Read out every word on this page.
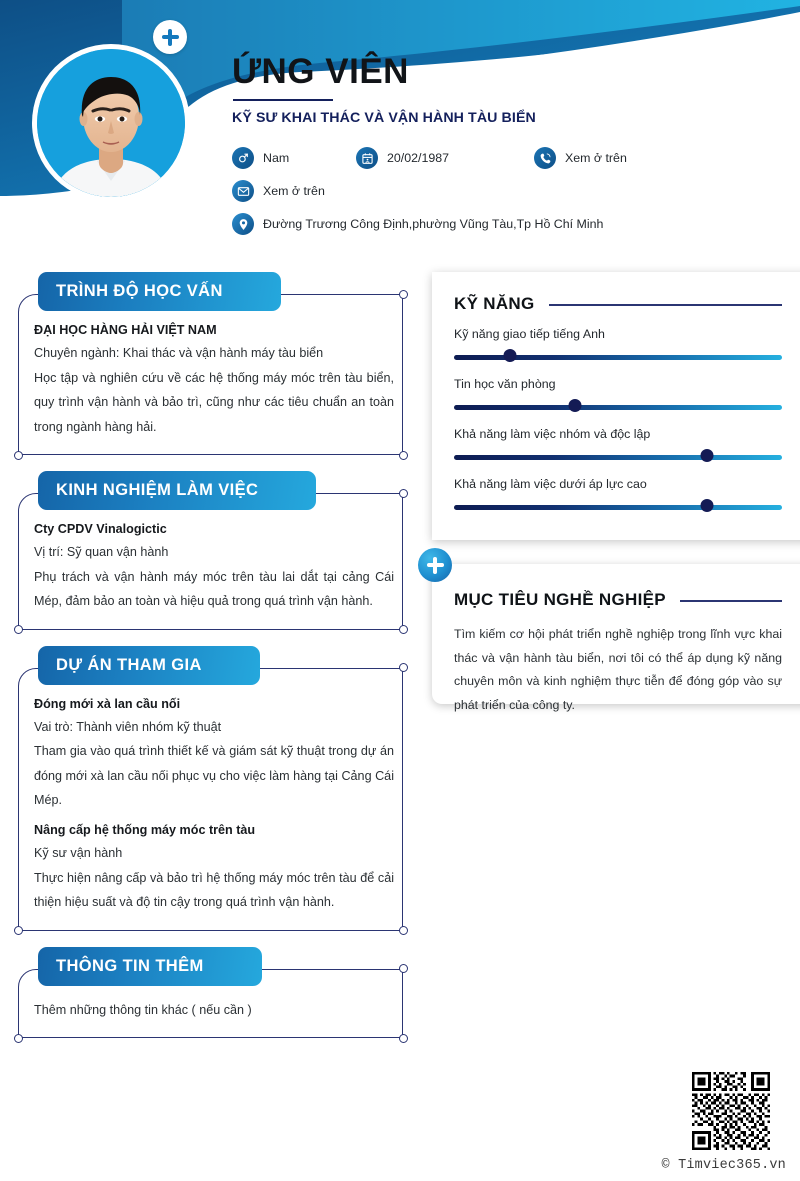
ỨNG VIÊN
KỸ SƯ KHAI THÁC VÀ VẬN HÀNH TÀU BIỂN
Nam	20/02/1987	Xem ở trên
Xem ở trên
Đường Trương Công Định,phường Vũng Tàu,Tp Hồ Chí Minh
TRÌNH ĐỘ HỌC VẤN
ĐẠI HỌC HÀNG HẢI VIỆT NAM
Chuyên ngành: Khai thác và vận hành máy tàu biển
Học tập và nghiên cứu về các hệ thống máy móc trên tàu biển, quy trình vận hành và bảo trì, cũng như các tiêu chuẩn an toàn trong ngành hàng hải.
KINH NGHIỆM LÀM VIỆC
Cty CPDV Vinalogictic
Vị trí: Sỹ quan vận hành
Phụ trách và vận hành máy móc trên tàu lai dắt tại cảng Cái Mép, đảm bảo an toàn và hiệu quả trong quá trình vận hành.
DỰ ÁN THAM GIA
Đóng mới xà lan cầu nối
Vai trò: Thành viên nhóm kỹ thuật
Tham gia vào quá trình thiết kế và giám sát kỹ thuật trong dự án đóng mới xà lan cầu nối phục vụ cho việc làm hàng tại Cảng Cái Mép.
Nâng cấp hệ thống máy móc trên tàu
Kỹ sư vận hành
Thực hiện nâng cấp và bảo trì hệ thống máy móc trên tàu để cải thiện hiệu suất và độ tin cậy trong quá trình vận hành.
THÔNG TIN THÊM
Thêm những thông tin khác ( nếu cần )
KỸ NĂNG
Kỹ năng giao tiếp tiếng Anh
Tin học văn phòng
Khả năng làm việc nhóm và độc lập
Khả năng làm việc dưới áp lực cao
MỤC TIÊU NGHỀ NGHIỆP
Tìm kiếm cơ hội phát triển nghề nghiệp trong lĩnh vực khai thác và vận hành tàu biển, nơi tôi có thể áp dụng kỹ năng chuyên môn và kinh nghiệm thực tiễn để đóng góp vào sự phát triển của công ty.
© Timviec365.vn
